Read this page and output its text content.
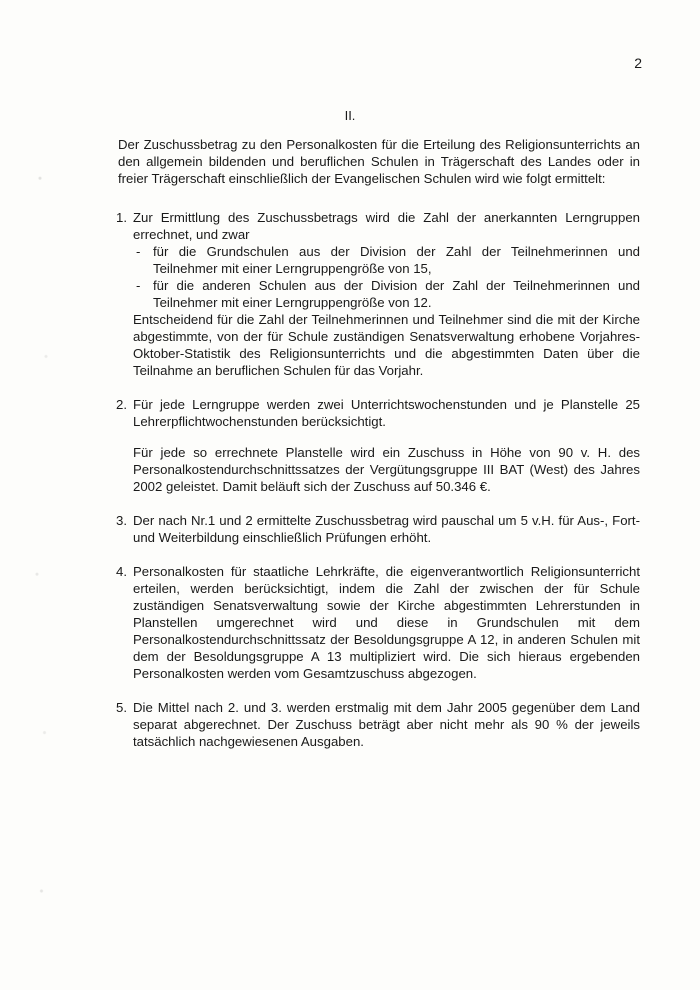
2
II.

Der Zuschussbetrag zu den Personalkosten für die Erteilung des Religionsunterrichts an den allgemein bildenden und beruflichen Schulen in Trägerschaft des Landes oder in freier Trägerschaft einschließlich der Evangelischen Schulen wird wie folgt ermittelt:

1. Zur Ermittlung des Zuschussbetrags wird die Zahl der anerkannten Lerngruppen errechnet, und zwar

- für die Grundschulen aus der Division der Zahl der Teilnehmerinnen und Teilnehmer mit einer Lerngruppengröße von 15,
- für die anderen Schulen aus der Division der Zahl der Teilnehmerinnen und Teilnehmer mit einer Lerngruppengröße von 12.

Entscheidend für die Zahl der Teilnehmerinnen und Teilnehmer sind die mit der Kirche abgestimmte, von der für Schule zuständigen Senatsverwaltung erhobene Vorjahres-Oktober-Statistik des Religionsunterrichts und die abgestimmten Daten über die Teilnahme an beruflichen Schulen für das Vorjahr.

2. Für jede Lerngruppe werden zwei Unterrichtswochenstunden und je Planstelle 25 Lehrerpflichtwochenstunden berücksichtigt.

Für jede so errechnete Planstelle wird ein Zuschuss in Höhe von 90 v. H. des Personalkostendurchschnittssatzes der Vergütungsgruppe III BAT (West) des Jahres 2002 geleistet. Damit beläuft sich der Zuschuss auf 50.346 €.

3. Der nach Nr.1 und 2 ermittelte Zuschussbetrag wird pauschal um 5 v.H. für Aus-, Fort- und Weiterbildung einschließlich Prüfungen erhöht.

4. Personalkosten für staatliche Lehrkräfte, die eigenverantwortlich Religionsunterricht erteilen, werden berücksichtigt, indem die Zahl der zwischen der für Schule zuständigen Senatsverwaltung sowie der Kirche abgestimmten Lehrerstunden in Planstellen umgerechnet wird und diese in Grundschulen mit dem Personalkostendurchschnittssatz der Besoldungsgruppe A 12, in anderen Schulen mit dem der Besoldungsgruppe A 13 multipliziert wird. Die sich hieraus ergebenden Personalkosten werden vom Gesamtzuschuss abgezogen.

5. Die Mittel nach 2. und 3. werden erstmalig mit dem Jahr 2005 gegenüber dem Land separat abgerechnet. Der Zuschuss beträgt aber nicht mehr als 90 % der jeweils tatsächlich nachgewiesenen Ausgaben.
